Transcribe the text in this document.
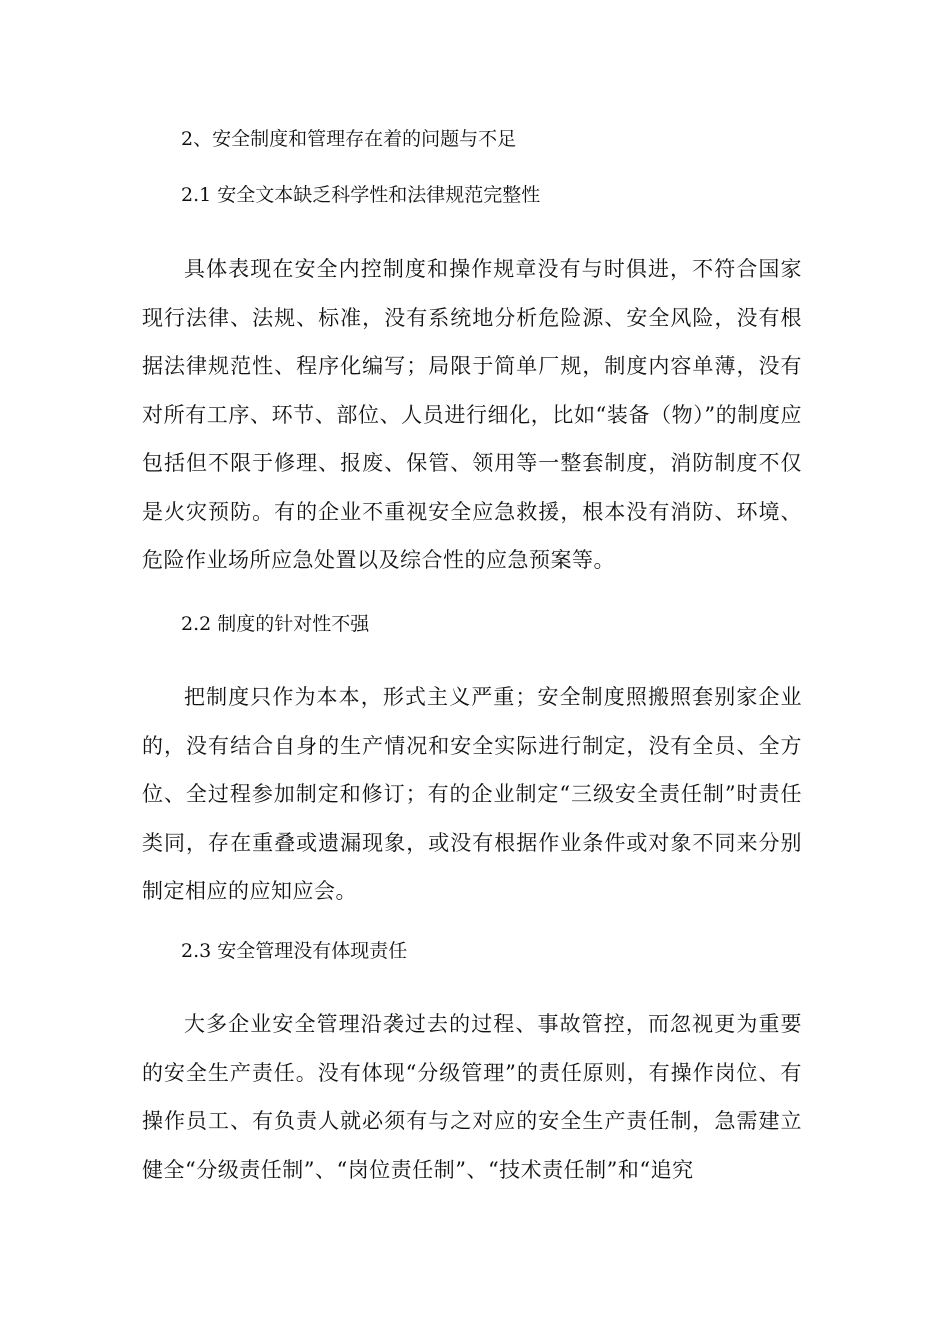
2、安全制度和管理存在着的问题与不足
2.1 安全文本缺乏科学性和法律规范完整性

具体表现在安全内控制度和操作规章没有与时俱进，不符合国家现行法律、法规、标准，没有系统地分析危险源、安全风险，没有根据法律规范性、程序化编写；局限于简单厂规，制度内容单薄，没有对所有工序、环节、部位、人员进行细化，比如“装备（物）”的制度应包括但不限于修理、报废、保管、领用等一整套制度，消防制度不仅是火灾预防。有的企业不重视安全应急救援，根本没有消防、环境、危险作业场所应急处置以及综合性的应急预案等。

2.2 制度的针对性不强

把制度只作为本本，形式主义严重；安全制度照搬照套别家企业的，没有结合自身的生产情况和安全实际进行制定，没有全员、全方位、全过程参加制定和修订；有的企业制定“三级安全责任制”时责任类同，存在重叠或遗漏现象，或没有根据作业条件或对象不同来分别制定相应的应知应会。

2.3 安全管理没有体现责任

大多企业安全管理沿袭过去的过程、事故管控，而忽视更为重要的安全生产责任。没有体现“分级管理”的责任原则，有操作岗位、有操作员工、有负责人就必须有与之对应的安全生产责任制，急需建立健全“分级责任制”、“岗位责任制”、“技术责任制”和“追究
